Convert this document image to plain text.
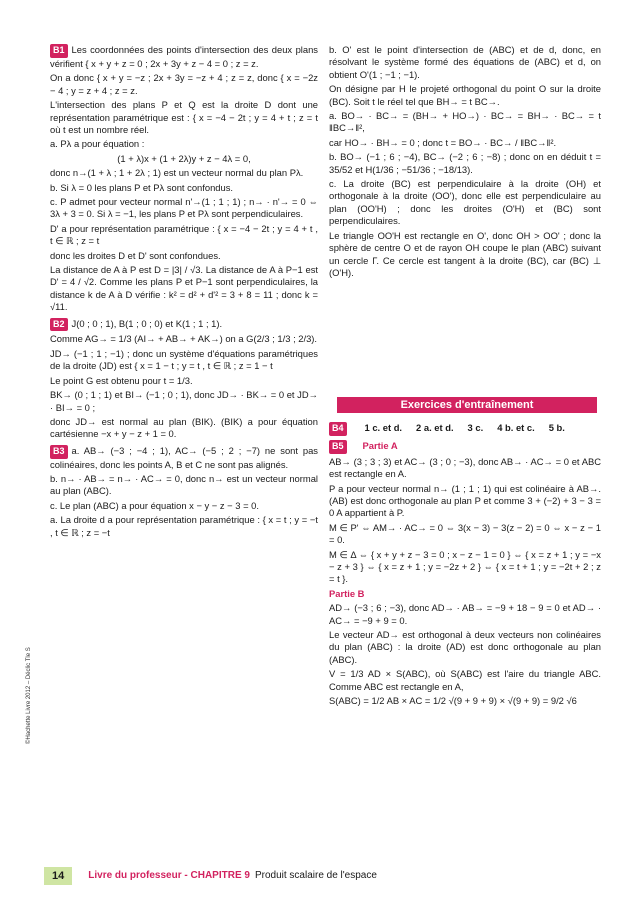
B1 Les coordonnées des points d'intersection des deux plans vérifient { x + y + z = 0 ; 2x + 3y + z − 4 = 0 ; z = z.

On a donc { x + y = −z ; 2x + 3y = −z + 4 ; z = z, donc { x = −2z − 4 ; y = z + 4 ; z = z.

L'intersection des plans P et Q est la droite D dont une représentation paramétrique est : { x = −4 − 2t ; y = 4 + t ; z = t où t est un nombre réel.

a. Pλ a pour équation :

(1 + λ)x + (1 + 2λ)y + z − 4λ = 0,

donc n→(1 + λ ; 1 + 2λ ; 1) est un vecteur normal du plan Pλ.

b. Si λ = 0 les plans P et Pλ sont confondus.

c. P admet pour vecteur normal n'→(1 ; 1 ; 1) ; n→ · n'→ = 0 ⇔ 3λ + 3 = 0. Si λ = −1, les plans P et Pλ sont perpendiculaires.

D' a pour représentation paramétrique : { x = −4 − 2t ; y = 4 + t , t ∈ ℝ ; z = t

donc les droites D et D' sont confondues.

La distance de A à P est D = |3| / √3. La distance de A à P−1 est D' = 4 / √2. Comme les plans P et P−1 sont perpendiculaires, la distance k de A à D vérifie : k² = d² + d'² = 3 + 8 = 11 ; donc k = √11.

B2 J(0 ; 0 ; 1), B(1 ; 0 ; 0) et K(1 ; 1 ; 1).

Comme AG→ = 1/3 (AI→ + AB→ + AK→) on a G(2/3 ; 1/3 ; 2/3).

JD→ (−1 ; 1 ; −1) ; donc un système d'équations paramétriques de la droite (JD) est { x = 1 − t ; y = t , t ∈ ℝ ; z = 1 − t

Le point G est obtenu pour t = 1/3.

BK→ (0 ; 1 ; 1) et BI→ (−1 ; 0 ; 1), donc JD→ · BK→ = 0 et JD→ · BI→ = 0 ;

donc JD→ est normal au plan (BIK). (BIK) a pour équation cartésienne −x + y − z + 1 = 0.

B3 a. AB→ (−3 ; −4 ; 1), AC→ (−5 ; 2 ; −7) ne sont pas colinéaires, donc les points A, B et C ne sont pas alignés.

b. n→ · AB→ = n→ · AC→ = 0, donc n→ est un vecteur normal au plan (ABC).

c. Le plan (ABC) a pour équation x − y − z − 3 = 0.

a. La droite d a pour représentation paramétrique : { x = t ; y = −t , t ∈ ℝ ; z = −t

b. O' est le point d'intersection de (ABC) et de d, donc, en résolvant le système formé des équations de (ABC) et d, on obtient O'(1 ; −1 ; −1).

On désigne par H le projeté orthogonal du point O sur la droite (BC). Soit t le réel tel que BH→ = t BC→.

a. BO→ · BC→ = (BH→ + HO→) · BC→ = BH→ · BC→ = t ‖BC→‖²,

car HO→ · BH→ = 0 ; donc t = BO→ · BC→ / ‖BC→‖².

b. BO→ (−1 ; 6 ; −4), BC→ (−2 ; 6 ; −8) ; donc on en déduit t = 35/52 et H(1/36 ; −51/36 ; −18/13).

c. La droite (BC) est perpendiculaire à la droite (OH) et orthogonale à la droite (OO'), donc elle est perpendiculaire au plan (OO'H) ; donc les droites (O'H) et (BC) sont perpendiculaires.

Le triangle OO'H est rectangle en O', donc OH > OO' ; donc la sphère de centre O et de rayon OH coupe le plan (ABC) suivant un cercle Γ. Ce cercle est tangent à la droite (BC), car (BC) ⊥ (O'H).

Exercices d'entraînement
B4	1 c. et d. 2 a. et d. 3 c. 4 b. et c. 5 b.

B5 Partie A

AB→ (3 ; 3 ; 3) et AC→ (3 ; 0 ; −3), donc AB→ · AC→ = 0 et ABC est rectangle en A.

P a pour vecteur normal n→ (1 ; 1 ; 1) qui est colinéaire à AB→. (AB) est donc orthogonale au plan P et comme 3 + (−2) + 3 − 3 = 0 A appartient à P.

M ∈ P' ⇔ AM→ · AC→ = 0 ⇔ 3(x − 3) − 3(z − 2) = 0 ⇔ x − z − 1 = 0.

M ∈ Δ ⇔ { x + y + z − 3 = 0 ; x − z − 1 = 0 } ⇔ { x = z + 1 ; y = −x − z + 3 } ⇔ { x = z + 1 ; y = −2z + 2 } ⇔ { x = t + 1 ; y = −2t + 2 ; z = t }.

Partie B

AD→ (−3 ; 6 ; −3), donc AD→ · AB→ = −9 + 18 − 9 = 0 et AD→ · AC→ = −9 + 9 = 0.

Le vecteur AD→ est orthogonal à deux vecteurs non colinéaires du plan (ABC) : la droite (AD) est donc orthogonale au plan (ABC).

V = 1/3 AD × S(ABC), où S(ABC) est l'aire du triangle ABC. Comme ABC est rectangle en A,

S(ABC) = 1/2 AB × AC = 1/2 √(9 + 9 + 9) × √(9 + 9) = 9/2 √6

©Hachette Livre 2012 – Déclic Tle S
14	Livre du professeur - CHAPITRE 9 Produit scalaire de l'espace
